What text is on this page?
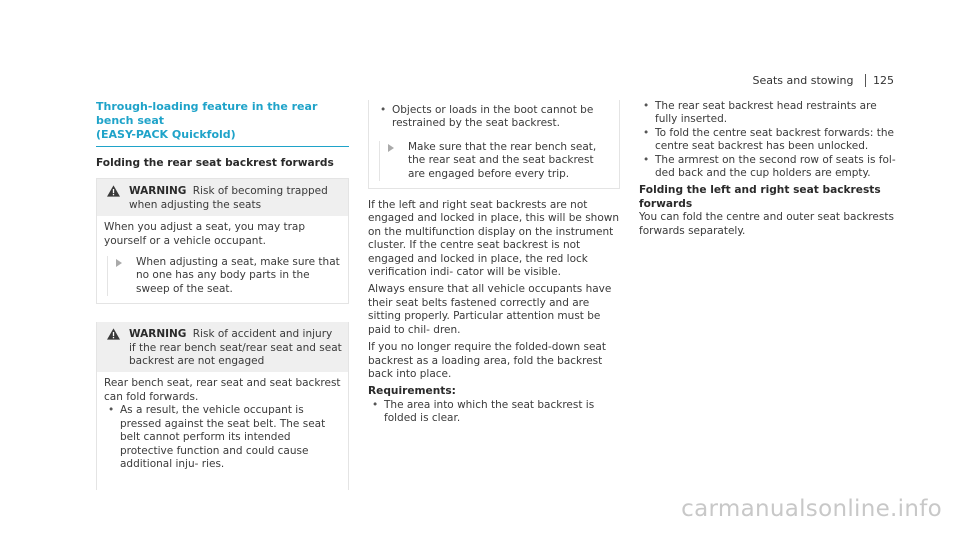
Seats and stowing 125
Through-loading feature in the rear bench seat
(EASY-PACK Quickfold)
Folding the rear seat backrest forwards
WARNING Risk of becoming trapped when adjusting the seats

When you adjust a seat, you may trap yourself or a vehicle occupant.

When adjusting a seat, make sure that no one has any body parts in the sweep of the seat.
WARNING Risk of accident and injury if the rear bench seat/rear seat and seat backrest are not engaged

Rear bench seat, rear seat and seat backrest can fold forwards.

• As a result, the vehicle occupant is pressed against the seat belt. The seat belt cannot perform its intended protective function and could cause additional inju- ries.
• Objects or loads in the boot cannot be restrained by the seat backrest.
Make sure that the rear bench seat, the rear seat and the seat backrest are engaged before every trip.

If the left and right seat backrests are not engaged and locked in place, this will be shown on the multifunction display on the instrument cluster. If the centre seat backrest is not engaged and locked in place, the red lock verification indi- cator will be visible.

Always ensure that all vehicle occupants have their seat belts fastened correctly and are sitting properly. Particular attention must be paid to chil- dren.

If you no longer require the folded-down seat backrest as a loading area, fold the backrest back into place.

Requirements:
• The area into which the seat backrest is folded is clear.
• The rear seat backrest head restraints are fully inserted.
• To fold the centre seat backrest forwards: the centre seat backrest has been unlocked.
• The armrest on the second row of seats is fol- ded back and the cup holders are empty.
Folding the left and right seat backrests forwards

You can fold the centre and outer seat backrests forwards separately.

carmanualsonline.info
